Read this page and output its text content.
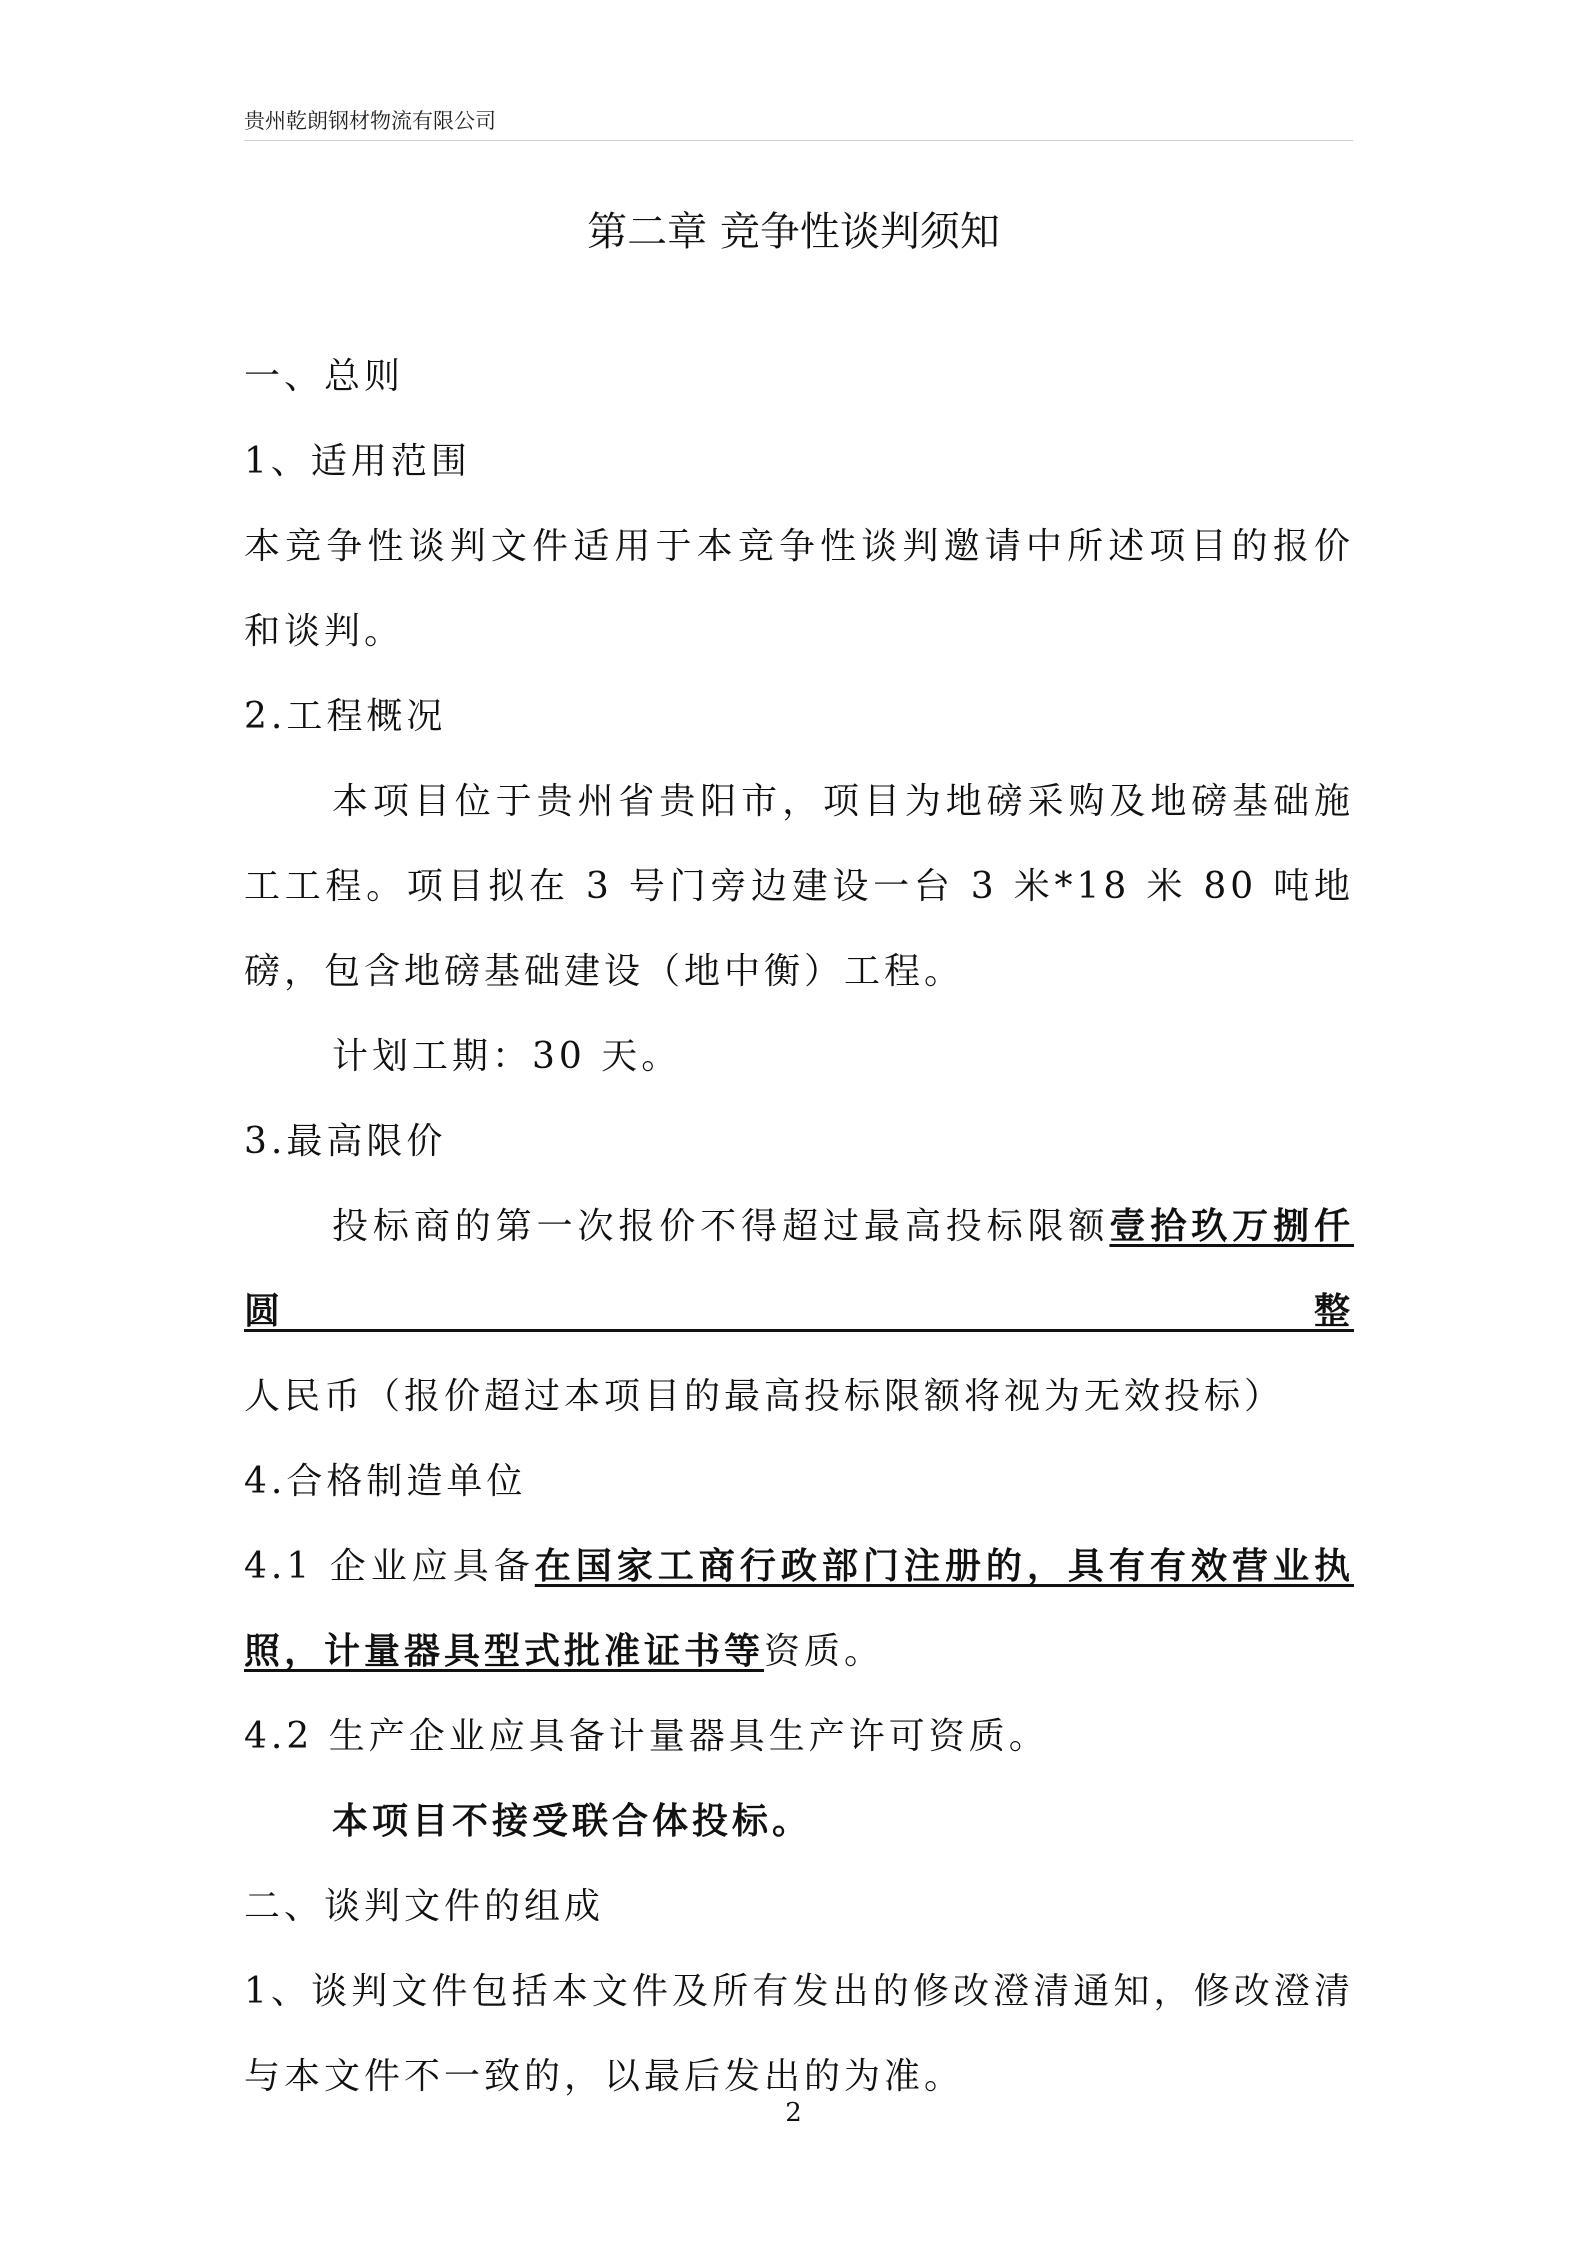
贵州乾朗钢材物流有限公司
第二章 竞争性谈判须知

一、总则

1、适用范围

本竞争性谈判文件适用于本竞争性谈判邀请中所述项目的报价和谈判。

2.工程概况

本项目位于贵州省贵阳市，项目为地磅采购及地磅基础施工工程。项目拟在 3 号门旁边建设一台 3 米*18 米 80 吨地磅，包含地磅基础建设（地中衡）工程。

计划工期：30 天。

3.最高限价

投标商的第一次报价不得超过最高投标限额壹拾玖万捌仟圆整人民币（报价超过本项目的最高投标限额将视为无效投标）

4.合格制造单位

4.1 企业应具备在国家工商行政部门注册的，具有有效营业执照，计量器具型式批准证书等资质。

4.2 生产企业应具备计量器具生产许可资质。

本项目不接受联合体投标。

二、谈判文件的组成

1、谈判文件包括本文件及所有发出的修改澄清通知，修改澄清与本文件不一致的，以最后发出的为准。

2
